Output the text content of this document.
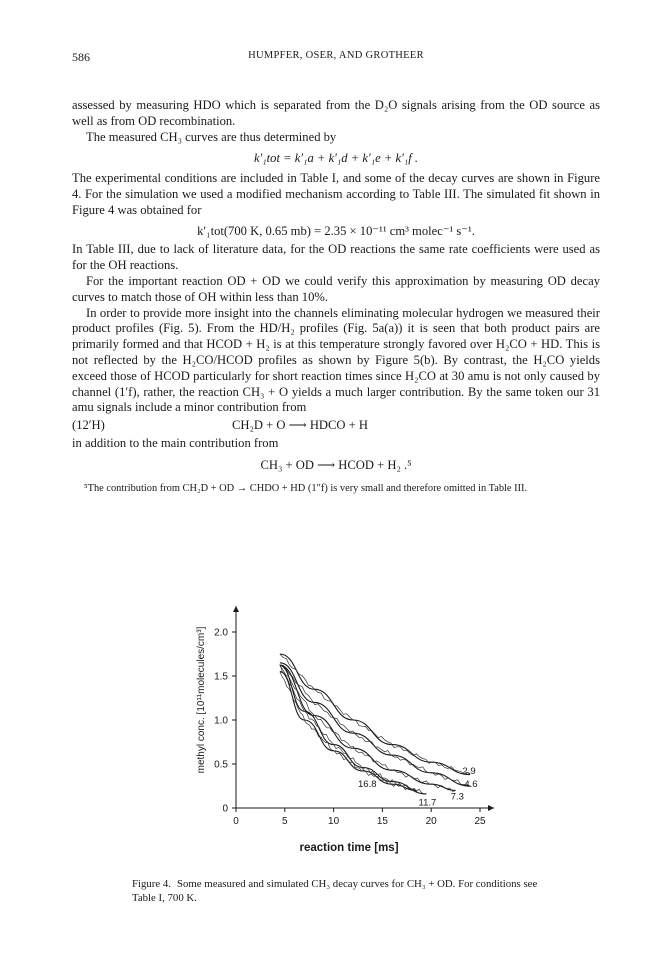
586	HUMPFER, OSER, AND GROTHEER

assessed by measuring HDO which is separated from the D₂O signals arising from the OD source as well as from OD recombination.

The measured CH₃ curves are thus determined by

k′₁tot = k′₁a + k′₁d + k′₁e + k′₁f .

The experimental conditions are included in Table I, and some of the decay curves are shown in Figure 4. For the simulation we used a modified mechanism according to Table III. The simulated fit shown in Figure 4 was obtained for

k′₁tot(700 K, 0.65 mb) = 2.35 × 10⁻¹¹ cm³ molec⁻¹ s⁻¹.

In Table III, due to lack of literature data, for the OD reactions the same rate coefficients were used as for the OH reactions.

For the important reaction OD + OD we could verify this approximation by measuring OD decay curves to match those of OH within less than 10%.

In order to provide more insight into the channels eliminating molecular hydrogen we measured their product profiles (Fig. 5). From the HD/H₂ profiles (Fig. 5a(a)) it is seen that both product pairs are primarily formed and that HCOD + H₂ is at this temperature strongly favored over H₂CO + HD. This is not reflected by the H₂CO/HCOD profiles as shown by Figure 5(b). By contrast, the H₂CO yields exceed those of HCOD particularly for short reaction times since H₂CO at 30 amu is not only caused by channel (1′f), rather, the reaction CH₃ + O yields a much larger contribution. By the same token our 31 amu signals include a minor contribution from

(12′H)	CH₂D + O ⟶ HDCO + H

in addition to the main contribution from

CH₃ + OD ⟶ HCOD + H₂ .⁵

⁵The contribution from CH₂D + OD → CHDO + HD (1″f) is very small and therefore omitted in Table III.

0	5	10	15	20	25
0
0.5
1.0
1.5
2.0
2.9
4.6
7.3
11.7
16.8
reaction time [ms]
methyl conc. [10¹¹molecules/cm³]
Figure 4. Some measured and simulated CH₃ decay curves for CH₃ + OD. For conditions see Table I, 700 K.
